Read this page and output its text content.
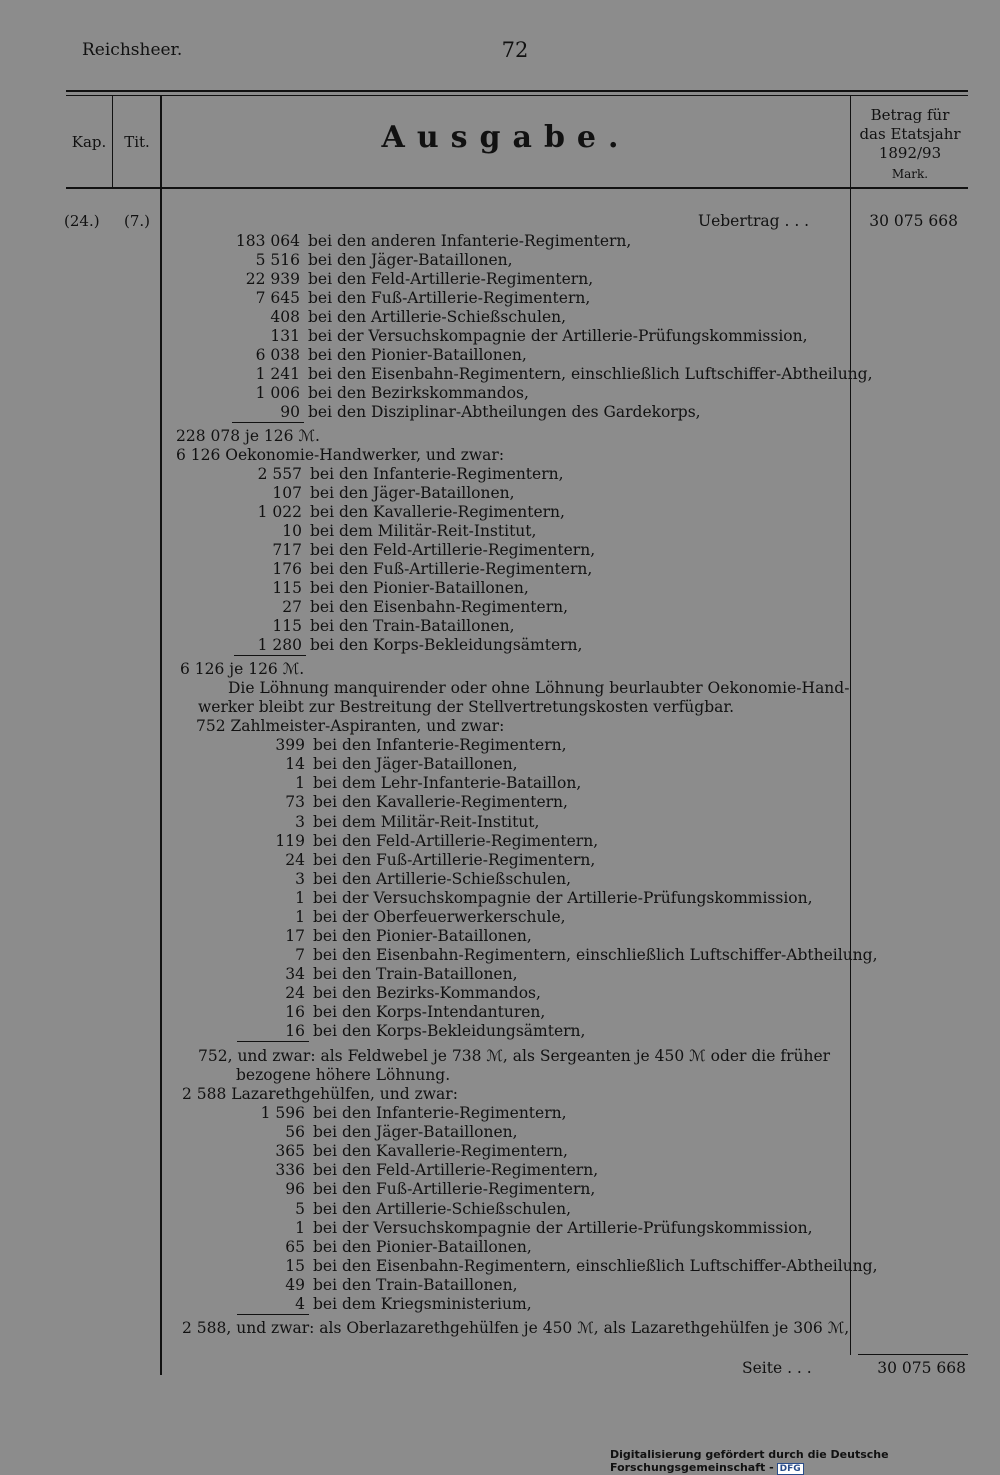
Reichsheer.	72
Kap.	Tit.	Ausgabe.
Betrag für
das Etatsjahr
1892/93
Mark.
(24.) (7.)	Uebertrag . . .	30 075 668
183 064 bei den anderen Infanterie-Regimentern,
5 516 bei den Jäger-Bataillonen,
22 939 bei den Feld-Artillerie-Regimentern,
7 645 bei den Fuß-Artillerie-Regimentern,
408 bei den Artillerie-Schießschulen,
131 bei der Versuchskompagnie der Artillerie-Prüfungskommission,
6 038 bei den Pionier-Bataillonen,
1 241 bei den Eisenbahn-Regimentern, einschließlich Luftschiffer-Abtheilung,
1 006 bei den Bezirkskommandos,
90 bei den Disziplinar-Abtheilungen des Gardekorps,
228 078 je 126 ℳ.
6 126 Oekonomie-Handwerker, und zwar:
2 557 bei den Infanterie-Regimentern,
107 bei den Jäger-Bataillonen,
1 022 bei den Kavallerie-Regimentern,
10 bei dem Militär-Reit-Institut,
717 bei den Feld-Artillerie-Regimentern,
176 bei den Fuß-Artillerie-Regimentern,
115 bei den Pionier-Bataillonen,
27 bei den Eisenbahn-Regimentern,
115 bei den Train-Bataillonen,
1 280 bei den Korps-Bekleidungsämtern,
6 126 je 126 ℳ.
Die Löhnung manquirender oder ohne Löhnung beurlaubter Oekonomie-Hand-
werker bleibt zur Bestreitung der Stellvertretungskosten verfügbar.
752 Zahlmeister-Aspiranten, und zwar:
399 bei den Infanterie-Regimentern,
14 bei den Jäger-Bataillonen,
1 bei dem Lehr-Infanterie-Bataillon,
73 bei den Kavallerie-Regimentern,
3 bei dem Militär-Reit-Institut,
119 bei den Feld-Artillerie-Regimentern,
24 bei den Fuß-Artillerie-Regimentern,
3 bei den Artillerie-Schießschulen,
1 bei der Versuchskompagnie der Artillerie-Prüfungskommission,
1 bei der Oberfeuerwerkerschule,
17 bei den Pionier-Bataillonen,
7 bei den Eisenbahn-Regimentern, einschließlich Luftschiffer-Abtheilung,
34 bei den Train-Bataillonen,
24 bei den Bezirks-Kommandos,
16 bei den Korps-Intendanturen,
16 bei den Korps-Bekleidungsämtern,
752, und zwar: als Feldwebel je 738 ℳ, als Sergeanten je 450 ℳ oder die früher
bezogene höhere Löhnung.
2 588 Lazarethgehülfen, und zwar:
1 596 bei den Infanterie-Regimentern,
56 bei den Jäger-Bataillonen,
365 bei den Kavallerie-Regimentern,
336 bei den Feld-Artillerie-Regimentern,
96 bei den Fuß-Artillerie-Regimentern,
5 bei den Artillerie-Schießschulen,
1 bei der Versuchskompagnie der Artillerie-Prüfungskommission,
65 bei den Pionier-Bataillonen,
15 bei den Eisenbahn-Regimentern, einschließlich Luftschiffer-Abtheilung,
49 bei den Train-Bataillonen,
4 bei dem Kriegsministerium,
2 588, und zwar: als Oberlazarethgehülfen je 450 ℳ, als Lazarethgehülfen je 306 ℳ,
Seite . . .	30 075 668
Digitalisierung gefördert durch die Deutsche Forschungsgemeinschaft - DFG
